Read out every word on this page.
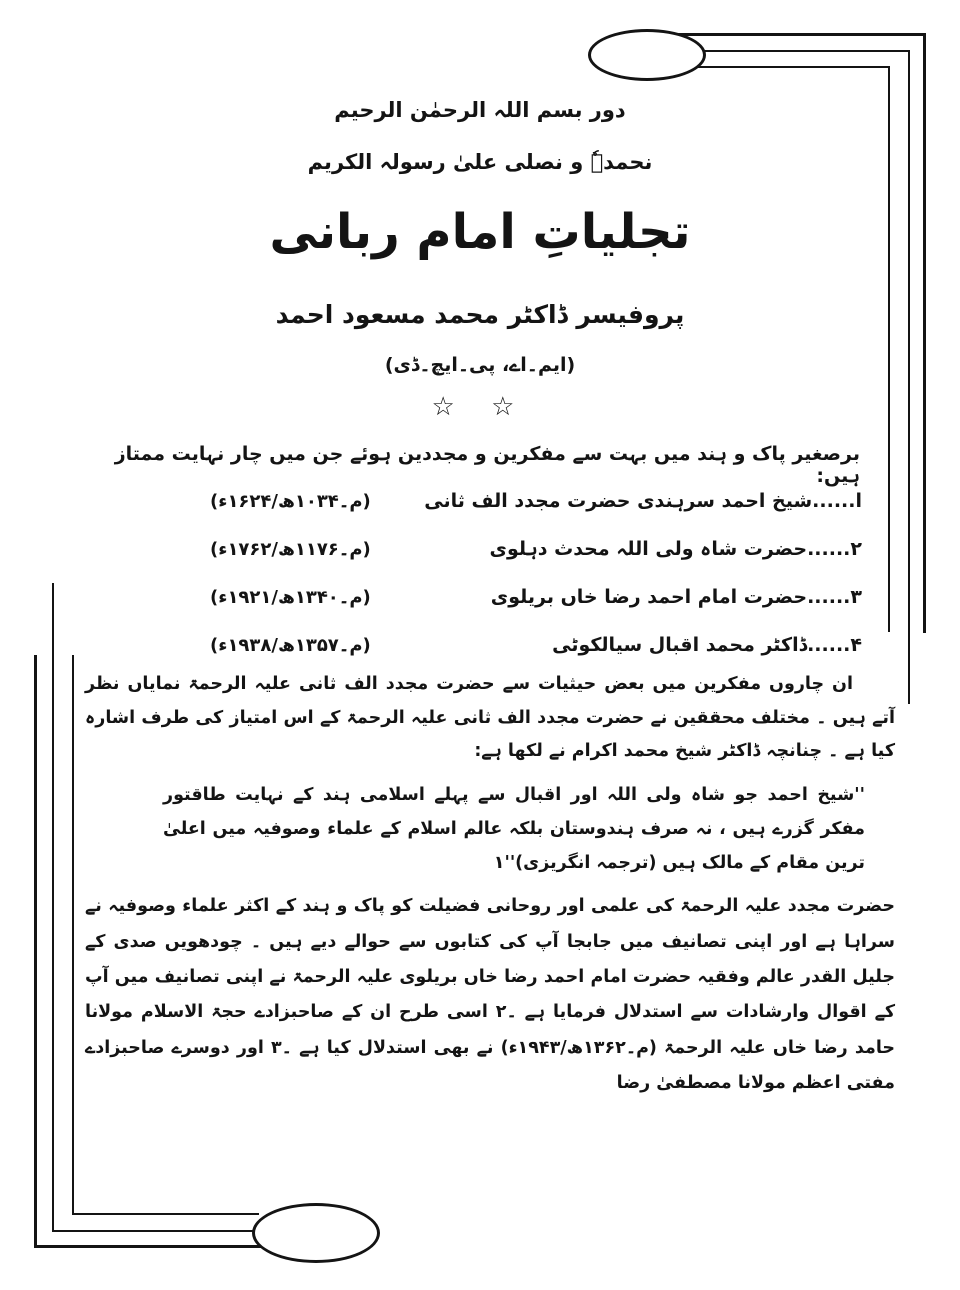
دور بسم اللہ الرحمٰن الرحیم
نحمدہٗ و نصلی علیٰ رسولہ الکریم
تجلیاتِ امام ربانی
پروفیسر ڈاکٹر محمد مسعود احمد
(ایم۔اے، پی۔ایچ۔ڈی)
☆ ☆
برصغیر پاک و ہند میں بہت سے مفکرین و مجددین ہوئے جن میں چار نہایت ممتاز ہیں:
ا......شیخ احمد سرہندی حضرت مجدد الف ثانی
(م۔۱۰۳۴ھ/۱۶۲۴ء)
۲......حضرت شاہ ولی اللہ محدث دہلوی
(م۔۱۱۷۶ھ/۱۷۶۲ء)
۳......حضرت امام احمد رضا خاں بریلوی
(م۔۱۳۴۰ھ/۱۹۲۱ء)
۴......ڈاکٹر محمد اقبال سیالکوٹی
(م۔۱۳۵۷ھ/۱۹۳۸ء)
ان چاروں مفکرین میں بعض حیثیات سے حضرت مجدد الف ثانی علیہ الرحمۃ نمایاں نظر آتے ہیں ۔ مختلف محققین نے حضرت مجدد الف ثانی علیہ الرحمۃ کے اس امتیاز کی طرف اشارہ کیا ہے ۔ چنانچہ ڈاکٹر شیخ محمد اکرام نے لکھا ہے:
''شیخ احمد جو شاہ ولی اللہ اور اقبال سے پہلے اسلامی ہند کے نہایت طاقتور مفکر گزرے ہیں ، نہ صرف ہندوستان بلکہ عالم اسلام کے علماء وصوفیہ میں اعلیٰ ترین مقام کے مالک ہیں (ترجمہ انگریزی)''۱
حضرت مجدد علیہ الرحمۃ کی علمی اور روحانی فضیلت کو پاک و ہند کے اکثر علماء وصوفیہ نے سراہا ہے اور اپنی تصانیف میں جابجا آپ کی کتابوں سے حوالے دیے ہیں ۔ چودھویں صدی کے جلیل القدر عالم وفقیہ حضرت امام احمد رضا خاں بریلوی علیہ الرحمۃ نے اپنی تصانیف میں آپ کے اقوال وارشادات سے استدلال فرمایا ہے ۔۲ اسی طرح ان کے صاحبزادے حجۃ الاسلام مولانا حامد رضا خاں علیہ الرحمۃ (م۔۱۳۶۲ھ/۱۹۴۳ء) نے بھی استدلال کیا ہے ۔۳ اور دوسرے صاحبزادے مفتی اعظم مولانا مصطفیٰ رضا
